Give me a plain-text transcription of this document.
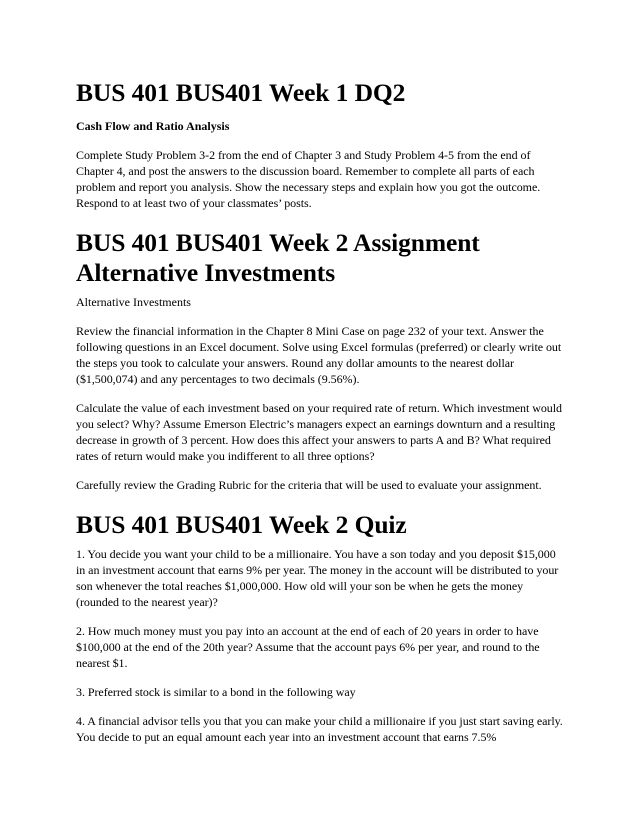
BUS 401 BUS401 Week 1 DQ2
Cash Flow and Ratio Analysis

Complete Study Problem 3-2 from the end of Chapter 3 and Study Problem 4-5 from the end of Chapter 4, and post the answers to the discussion board. Remember to complete all parts of each problem and report you analysis. Show the necessary steps and explain how you got the outcome. Respond to at least two of your classmates’ posts.

BUS 401 BUS401 Week 2 Assignment Alternative Investments
Alternative Investments

Review the financial information in the Chapter 8 Mini Case on page 232 of your text. Answer the following questions in an Excel document. Solve using Excel formulas (preferred) or clearly write out the steps you took to calculate your answers. Round any dollar amounts to the nearest dollar ($1,500,074) and any percentages to two decimals (9.56%).

Calculate the value of each investment based on your required rate of return. Which investment would you select? Why? Assume Emerson Electric’s managers expect an earnings downturn and a resulting decrease in growth of 3 percent. How does this affect your answers to parts A and B? What required rates of return would make you indifferent to all three options?

Carefully review the Grading Rubric for the criteria that will be used to evaluate your assignment.

BUS 401 BUS401 Week 2 Quiz

1. You decide you want your child to be a millionaire. You have a son today and you deposit $15,000 in an investment account that earns 9% per year. The money in the account will be distributed to your son whenever the total reaches $1,000,000. How old will your son be when he gets the money (rounded to the nearest year)?

2. How much money must you pay into an account at the end of each of 20 years in order to have $100,000 at the end of the 20th year? Assume that the account pays 6% per year, and round to the nearest $1.

3. Preferred stock is similar to a bond in the following way

4. A financial advisor tells you that you can make your child a millionaire if you just start saving early. You decide to put an equal amount each year into an investment account that earns 7.5%
